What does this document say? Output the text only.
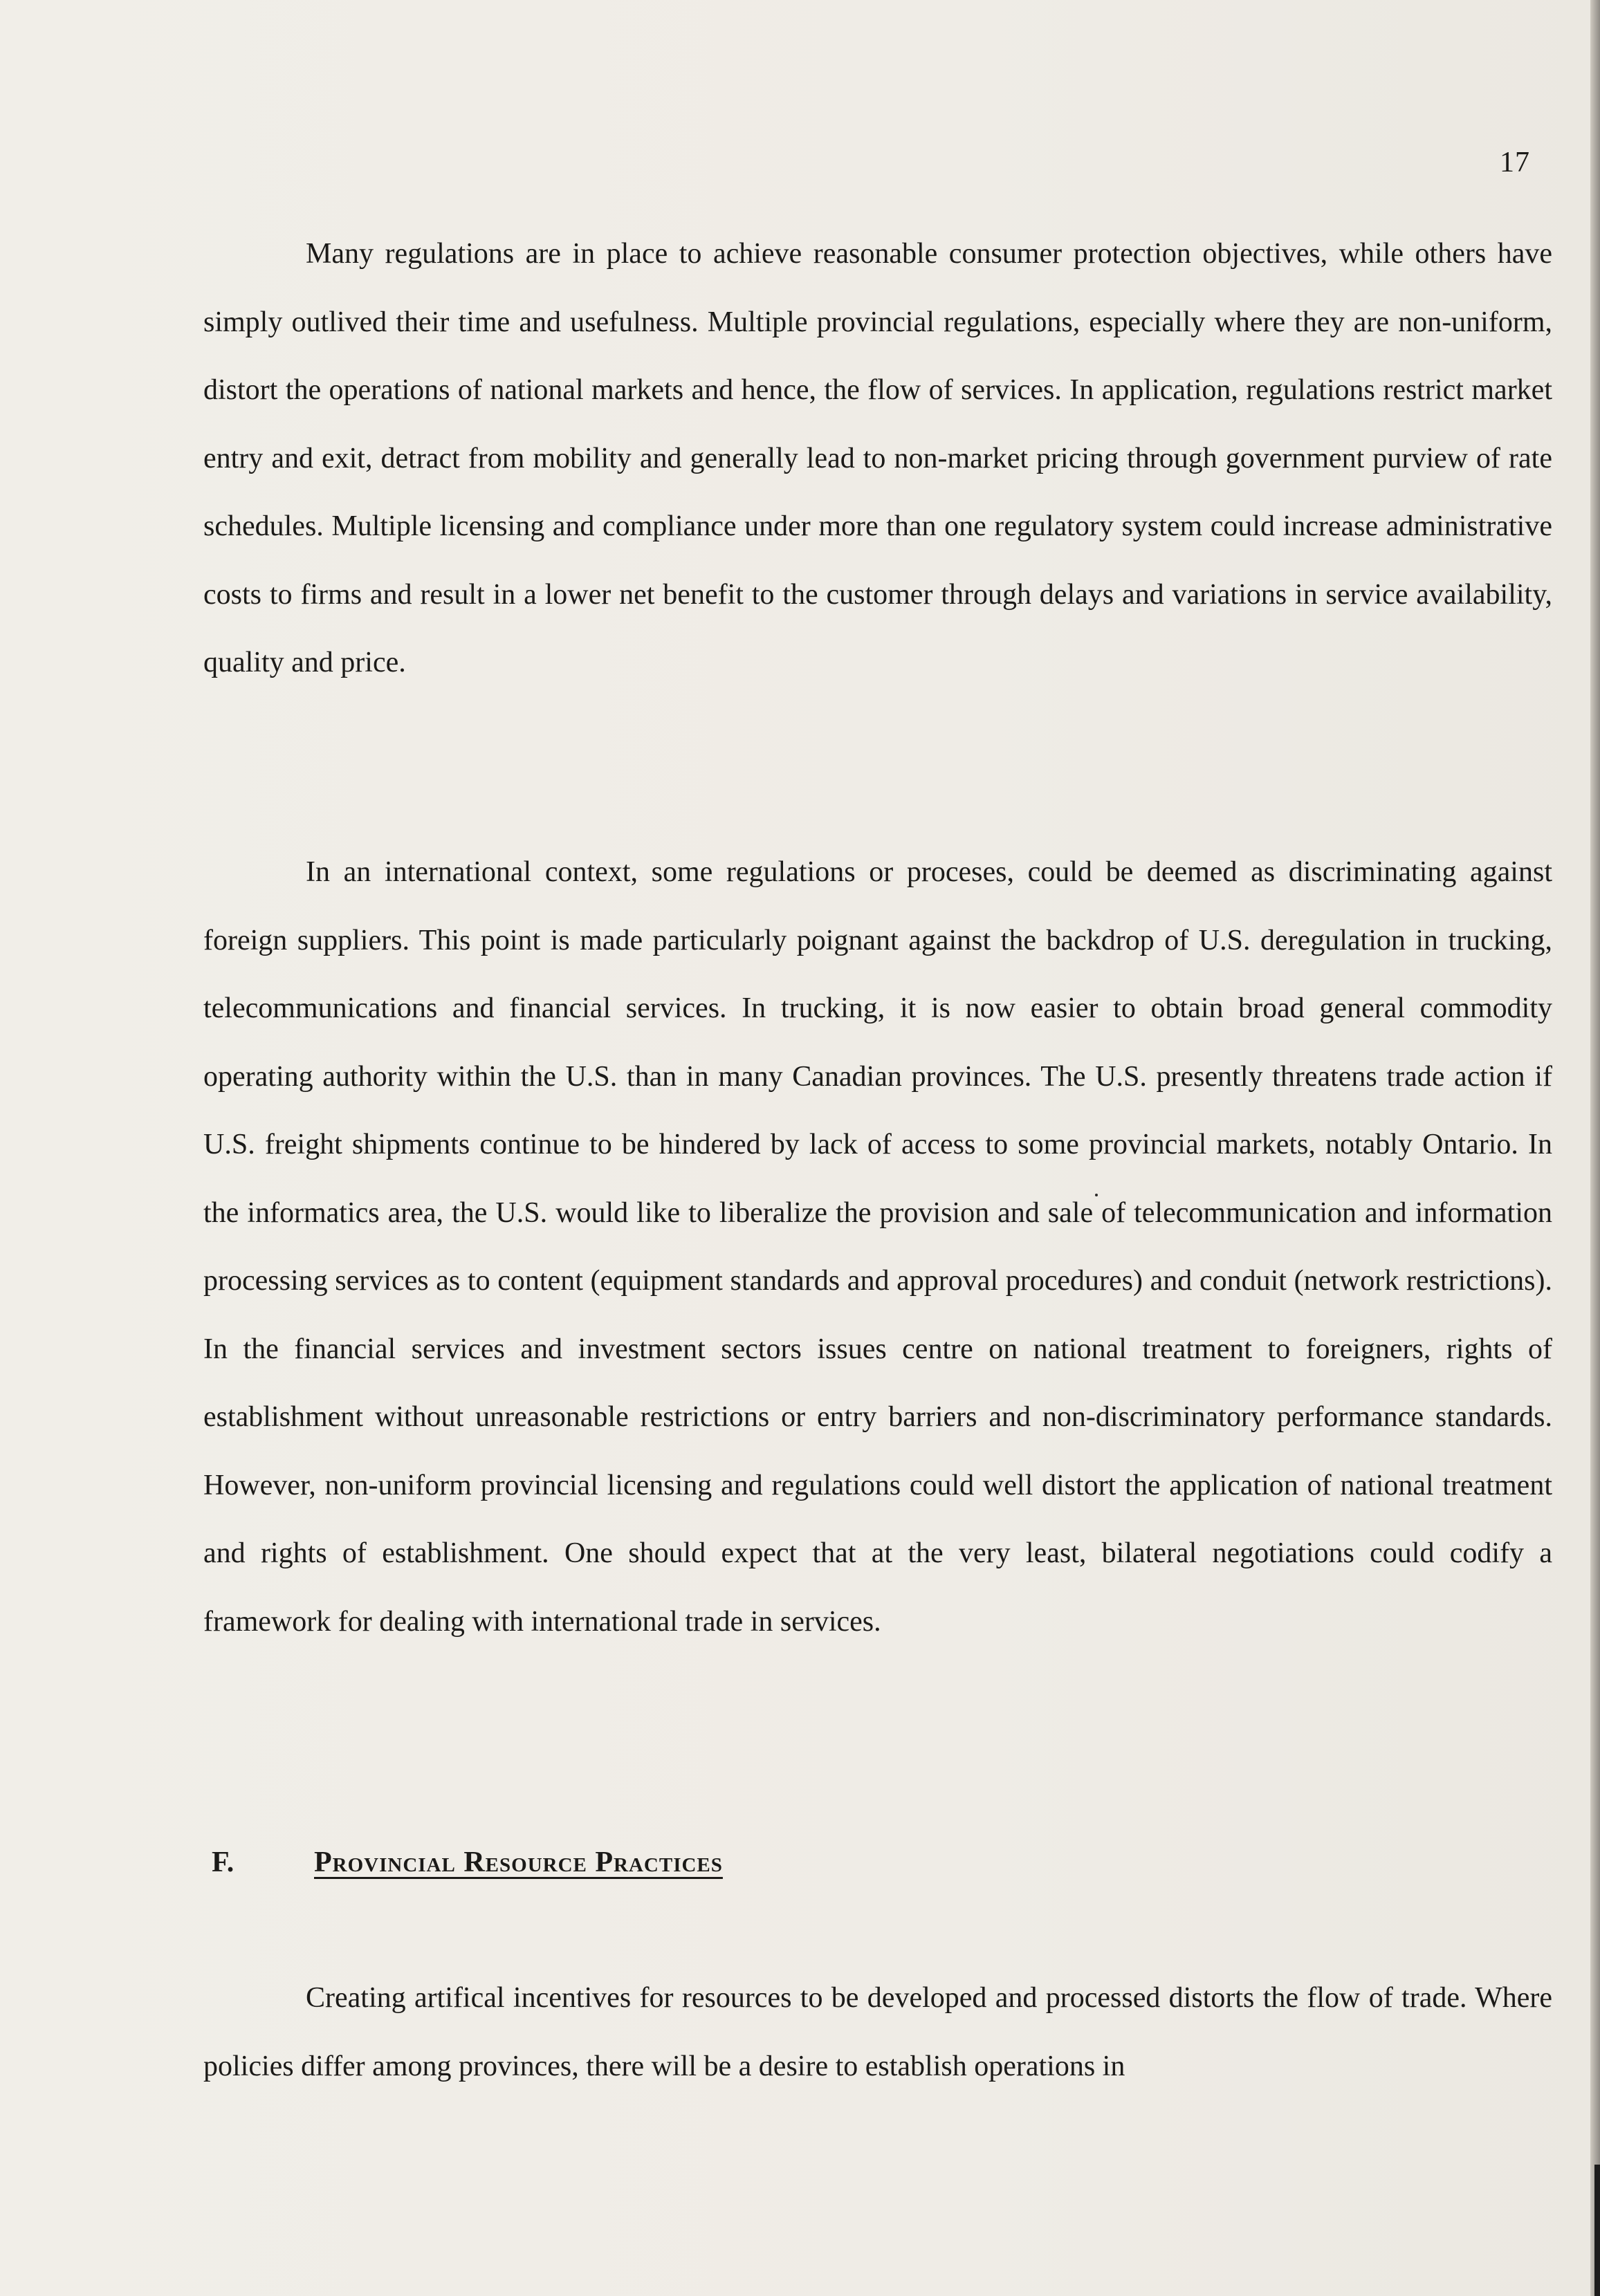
17

Many regulations are in place to achieve reasonable consumer protection objectives, while others have simply outlived their time and usefulness. Multiple provincial regulations, especially where they are non-uniform, distort the operations of national markets and hence, the flow of services. In application, regulations restrict market entry and exit, detract from mobility and generally lead to non-market pricing through government purview of rate schedules. Multiple licensing and compliance under more than one regulatory system could increase administrative costs to firms and result in a lower net benefit to the customer through delays and variations in service availability, quality and price.

In an international context, some regulations or proceses, could be deemed as discriminating against foreign suppliers. This point is made particularly poignant against the backdrop of U.S. deregulation in trucking, telecommunications and financial services. In trucking, it is now easier to obtain broad general commodity operating authority within the U.S. than in many Canadian provinces. The U.S. presently threatens trade action if U.S. freight shipments continue to be hindered by lack of access to some provincial markets, notably Ontario. In the informatics area, the U.S. would like to liberalize the provision and sale of telecommunication and information processing services as to content (equipment standards and approval procedures) and conduit (network restrictions). In the financial services and investment sectors issues centre on national treatment to foreigners, rights of establishment without unreasonable restrictions or entry barriers and non-discriminatory performance standards. However, non-uniform provincial licensing and regulations could well distort the application of national treatment and rights of establishment. One should expect that at the very least, bilateral negotiations could codify a framework for dealing with international trade in services.

F.	Provincial Resource Practices

Creating artifical incentives for resources to be developed and processed distorts the flow of trade. Where policies differ among provinces, there will be a desire to establish operations in
